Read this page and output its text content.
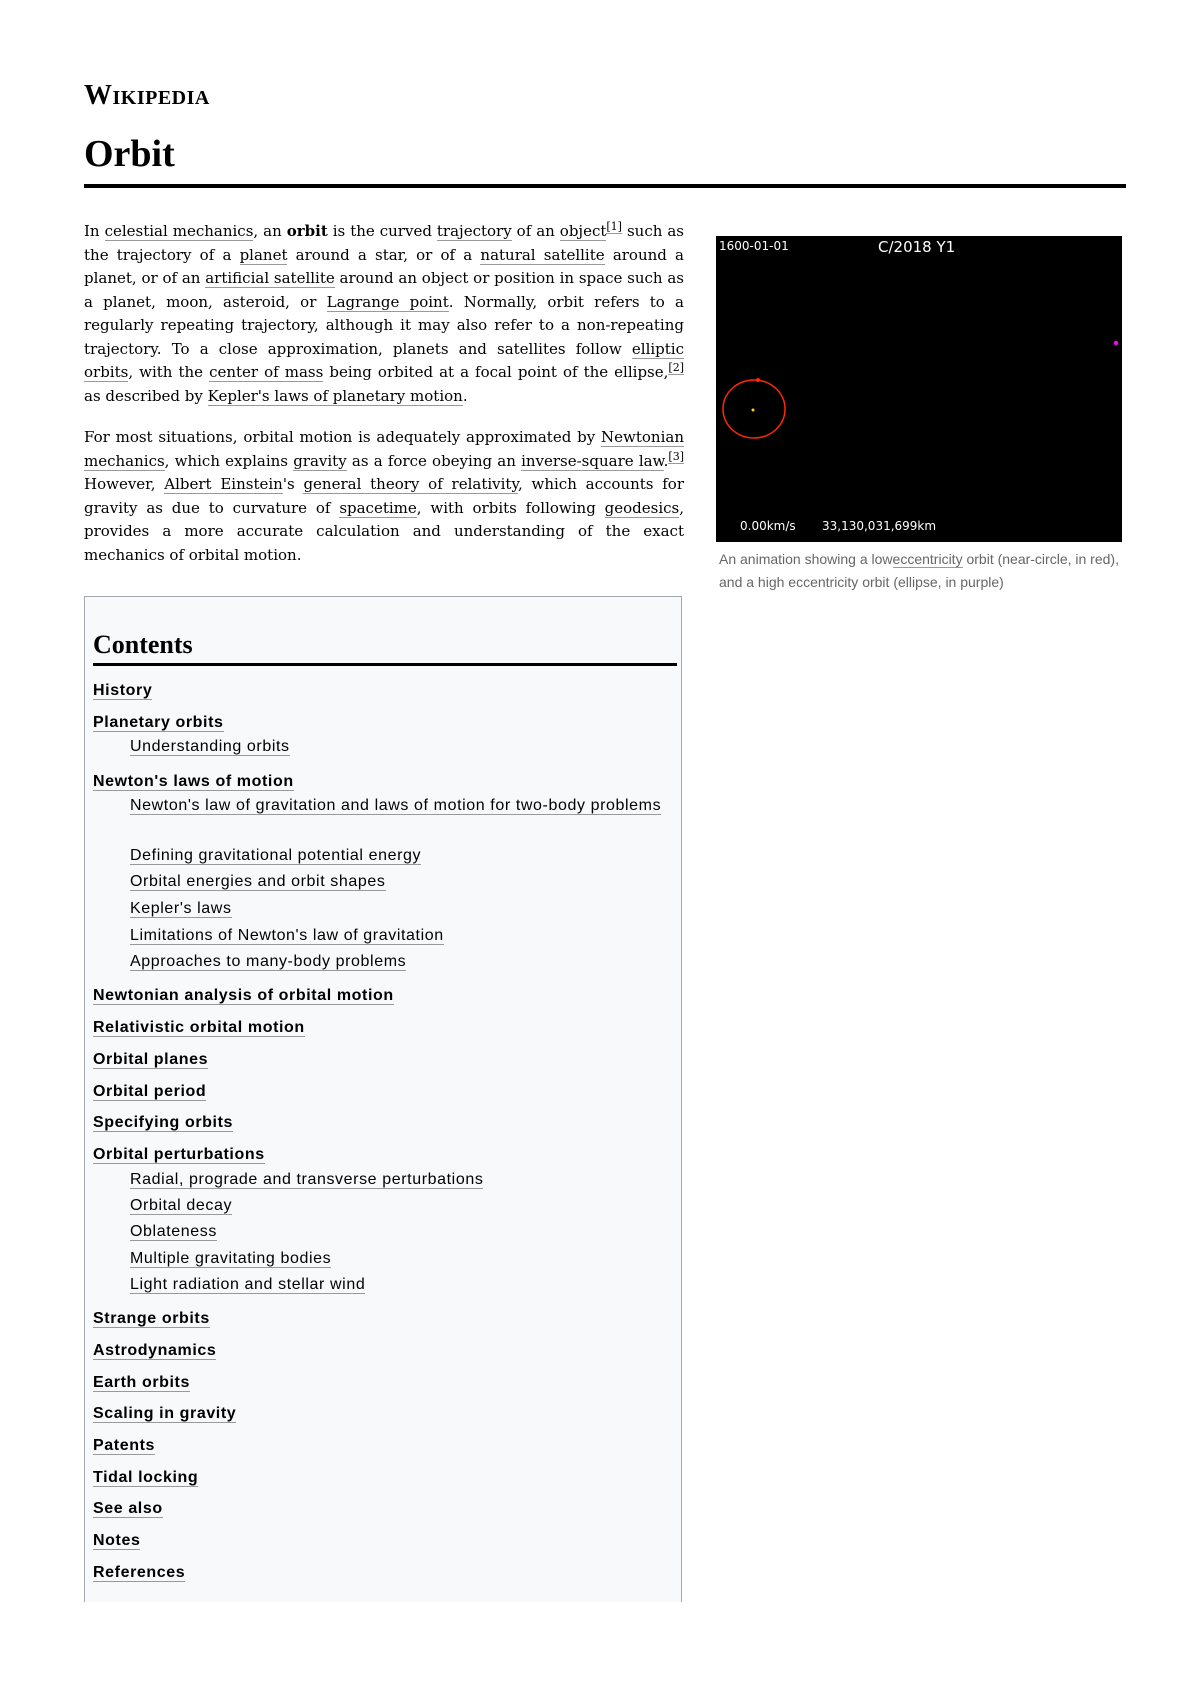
Wikipedia
Orbit

In celestial mechanics, an orbit is the curved trajectory of an object[1] such as the trajectory of a planet around a star, or of a natural satellite around a planet, or of an artificial satellite around an object or position in space such as a planet, moon, asteroid, or Lagrange point. Normally, orbit refers to a regularly repeating trajectory, although it may also refer to a non-repeating trajectory. To a close approximation, planets and satellites follow elliptic orbits, with the center of mass being orbited at a focal point of the ellipse,[2] as described by Kepler's laws of planetary motion.

For most situations, orbital motion is adequately approximated by Newtonian mechanics, which explains gravity as a force obeying an inverse-square law.[3] However, Albert Einstein's general theory of relativity, which accounts for gravity as due to curvature of spacetime, with orbits following geodesics, provides a more accurate calculation and understanding of the exact mechanics of orbital motion.

1600-01-01	C/2018 Y1
0.00km/s 33,130,031,699km
An animation showing a loweccentricity orbit (near-circle, in red), and a high eccentricity orbit (ellipse, in purple)
Contents
History
Planetary orbits
Understanding orbits
Newton's laws of motion
Newton's law of gravitation and laws of motion for two-body problems
Defining gravitational potential energy
Orbital energies and orbit shapes
Kepler's laws
Limitations of Newton's law of gravitation
Approaches to many-body problems
Newtonian analysis of orbital motion
Relativistic orbital motion
Orbital planes
Orbital period
Specifying orbits
Orbital perturbations
Radial, prograde and transverse perturbations
Orbital decay
Oblateness
Multiple gravitating bodies
Light radiation and stellar wind
Strange orbits
Astrodynamics
Earth orbits
Scaling in gravity
Patents
Tidal locking
See also
Notes
References
